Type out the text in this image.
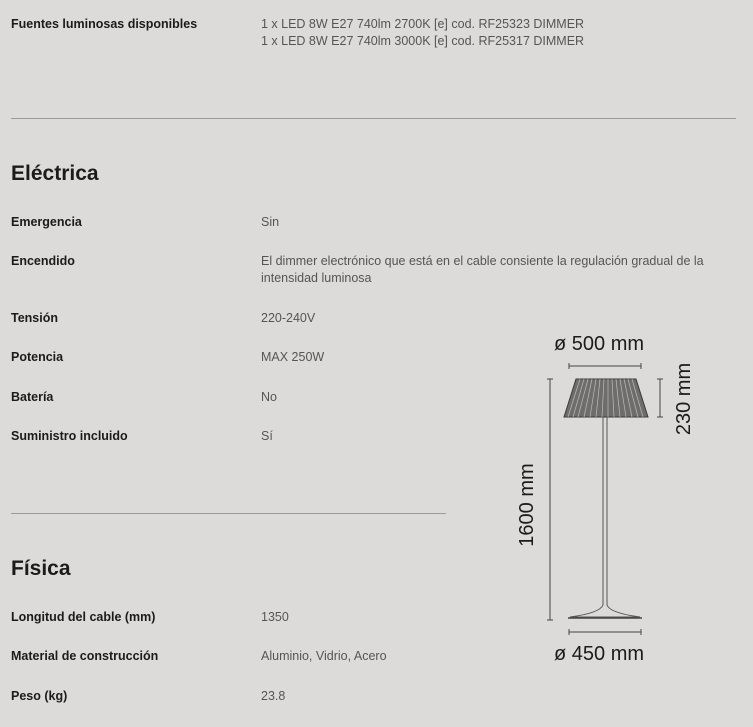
Fuentes luminosas disponibles	1 x LED 8W E27 740lm 2700K [e] cod. RF25323 DIMMER
1 x LED 8W E27 740lm 3000K [e] cod. RF25317 DIMMER
Eléctrica
Emergencia	Sin
Encendido	El dimmer electrónico que está en el cable consiente la regulación gradual de la intensidad luminosa
Tensión	220-240V
Potencia	MAX 250W
Batería	No
Suministro incluido	Sí
Física
Longitud del cable (mm)	1350
Material de construcción	Aluminio, Vidrio, Acero
Peso (kg)	23.8
ø 500 mm
230 mm
1600 mm
ø 450 mm
